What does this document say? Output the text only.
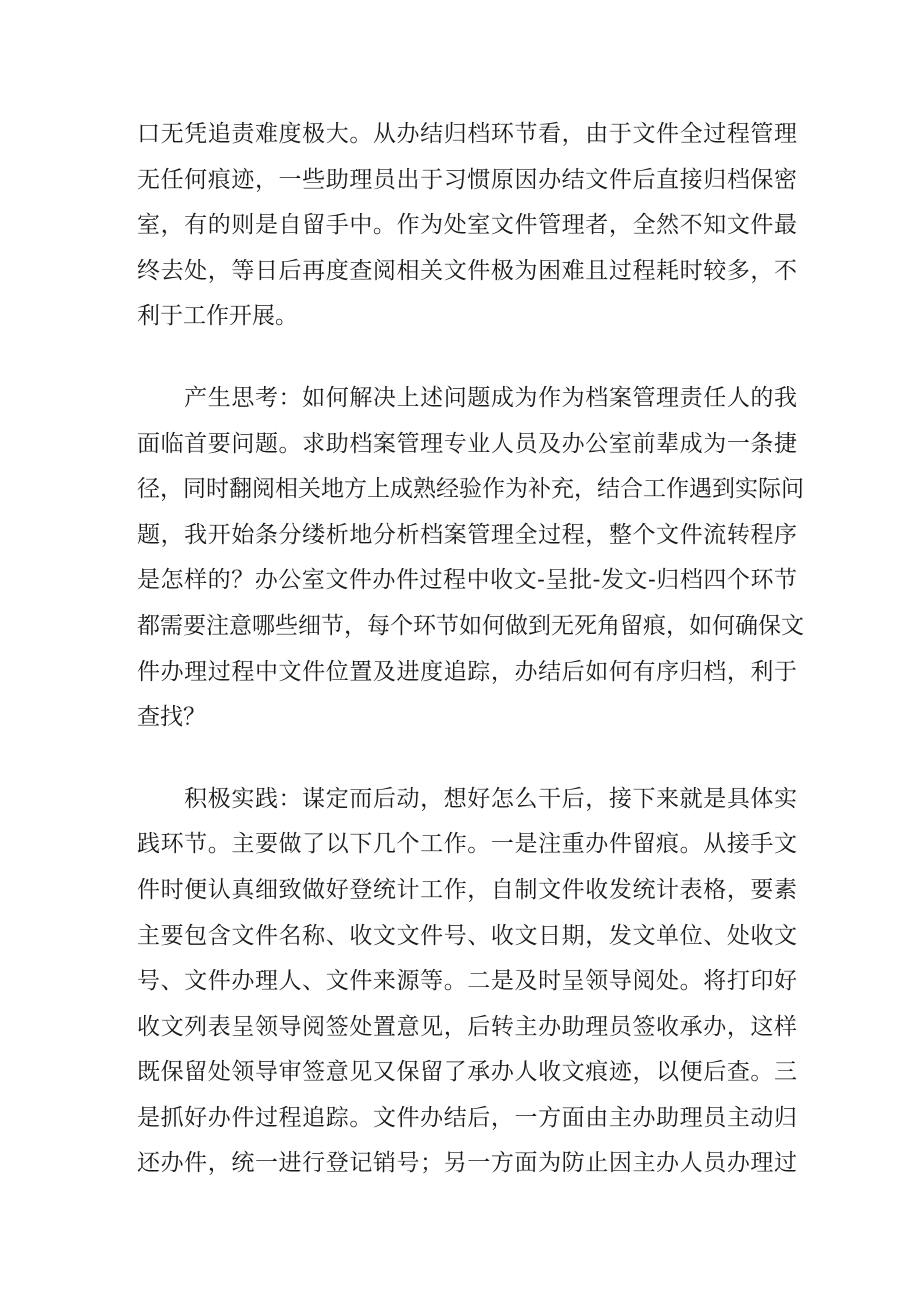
口无凭追责难度极大。从办结归档环节看，由于文件全过程管理
无任何痕迹，一些助理员出于习惯原因办结文件后直接归档保密
室，有的则是自留手中。作为处室文件管理者，全然不知文件最
终去处，等日后再度查阅相关文件极为困难且过程耗时较多，不
利于工作开展。
　　产生思考：如何解决上述问题成为作为档案管理责任人的我
面临首要问题。求助档案管理专业人员及办公室前辈成为一条捷
径，同时翻阅相关地方上成熟经验作为补充，结合工作遇到实际问
题，我开始条分缕析地分析档案管理全过程，整个文件流转程序
是怎样的？办公室文件办件过程中收文-呈批-发文-归档四个环节
都需要注意哪些细节，每个环节如何做到无死角留痕，如何确保文
件办理过程中文件位置及进度追踪，办结后如何有序归档，利于
查找？
　　积极实践：谋定而后动，想好怎么干后，接下来就是具体实
践环节。主要做了以下几个工作。一是注重办件留痕。从接手文
件时便认真细致做好登统计工作，自制文件收发统计表格，要素
主要包含文件名称、收文文件号、收文日期，发文单位、处收文
号、文件办理人、文件来源等。二是及时呈领导阅处。将打印好
收文列表呈领导阅签处置意见，后转主办助理员签收承办，这样
既保留处领导审签意见又保留了承办人收文痕迹，以便后查。三
是抓好办件过程追踪。文件办结后，一方面由主办助理员主动归
还办件，统一进行登记销号；另一方面为防止因主办人员办理过
